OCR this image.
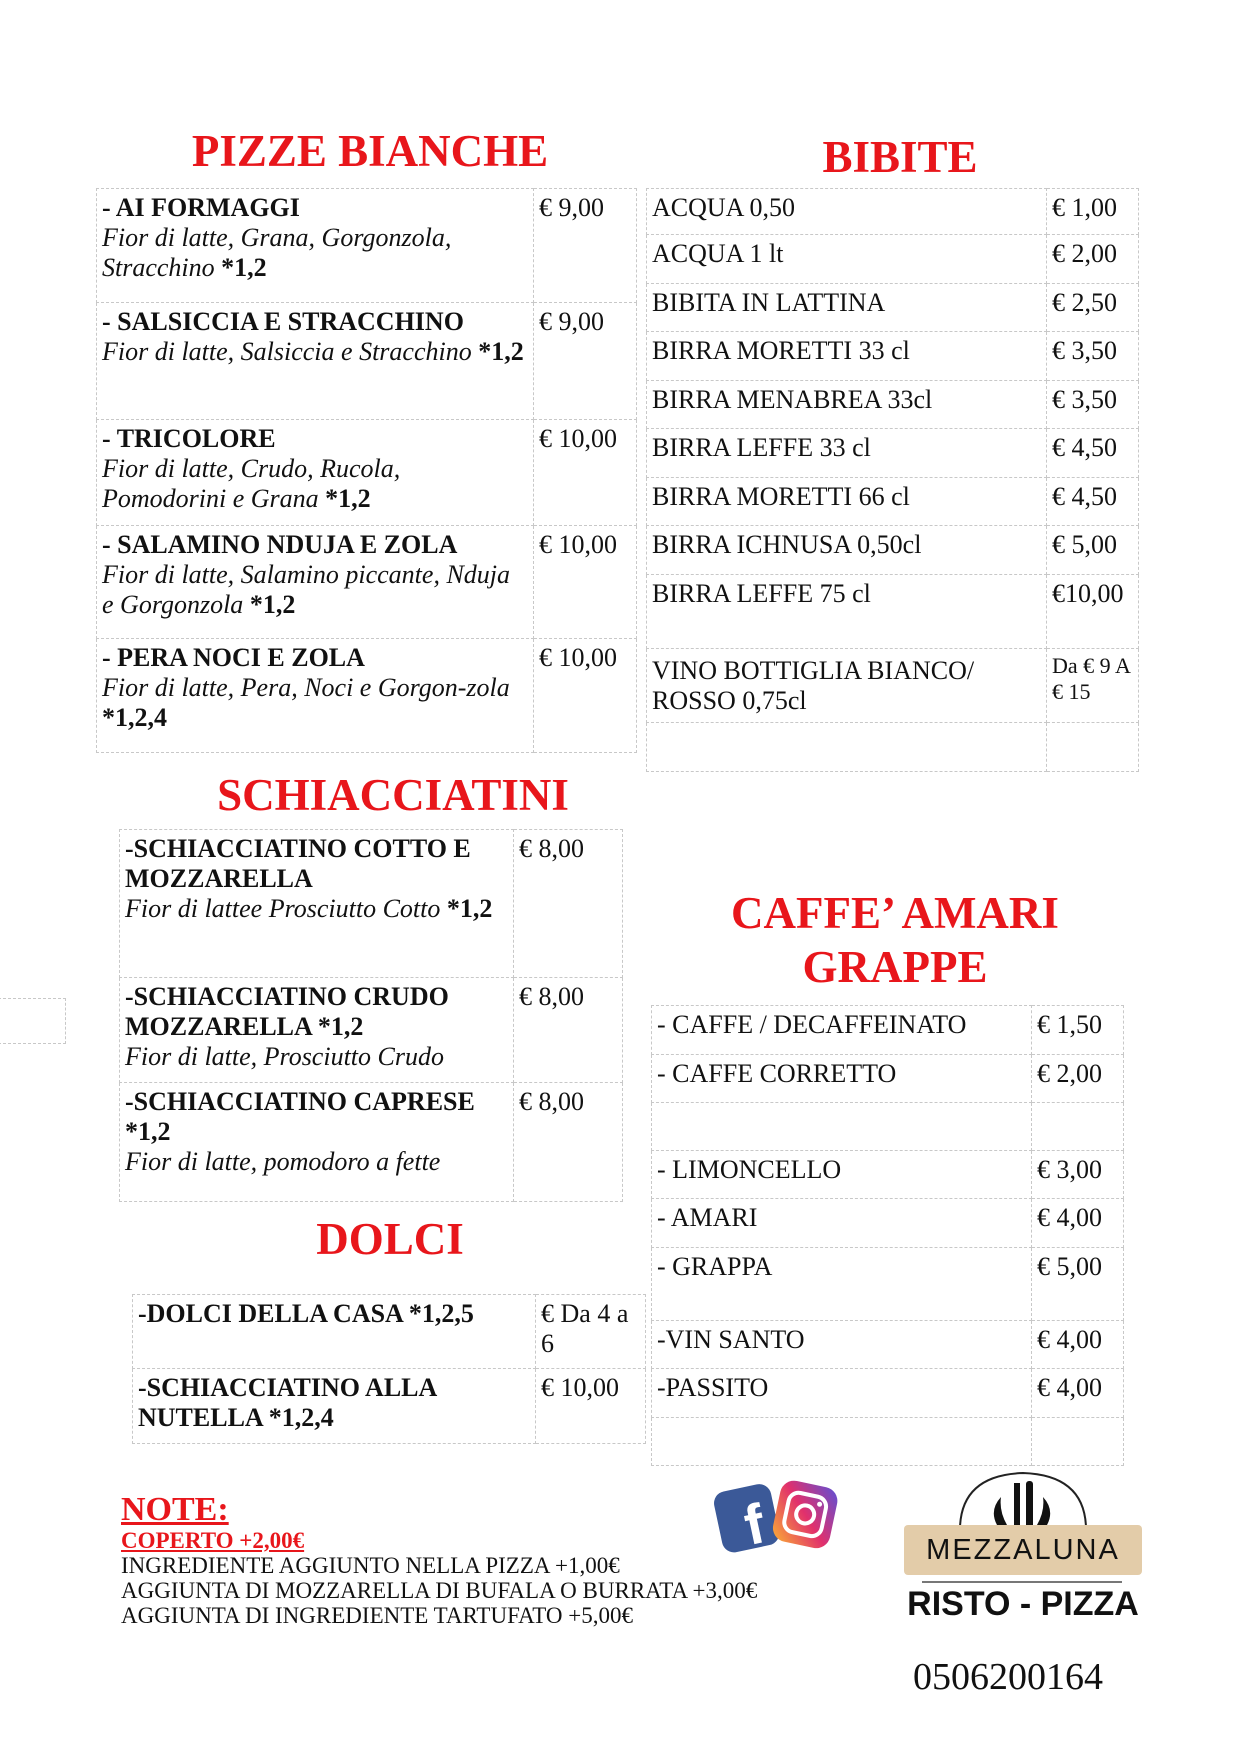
PIZZE BIANCHE
- AI FORMAGGI
Fior di latte, Grana, Gorgonzola, Stracchino *1,2	€ 9,00

- SALSICCIA E STRACCHINO
Fior di latte, Salsiccia e Stracchino *1,2	€ 9,00

- TRICOLORE
Fior di latte, Crudo, Rucola, Pomodorini e Grana *1,2	€ 10,00

- SALAMINO NDUJA E ZOLA
Fior di latte, Salamino piccante, Nduja e Gorgonzola *1,2	€ 10,00

- PERA NOCI E ZOLA
Fior di latte, Pera, Noci e Gorgon-zola *1,2,4	€ 10,00
BIBITE
ACQUA 0,50	€ 1,00
ACQUA 1 lt	€ 2,00
BIBITA IN LATTINA	€ 2,50
BIRRA MORETTI 33 cl	€ 3,50
BIRRA MENABREA 33cl	€ 3,50
BIRRA LEFFE 33 cl	€ 4,50
BIRRA MORETTI 66 cl	€ 4,50
BIRRA ICHNUSA 0,50cl	€ 5,00
BIRRA LEFFE 75 cl	€10,00
VINO BOTTIGLIA BIANCO/ ROSSO 0,75cl	Da € 9 A € 15

SCHIACCIATINI
-SCHIACCIATINO COTTO E MOZZARELLA
Fior di lattee Prosciutto Cotto *1,2	€ 8,00

-SCHIACCIATINO CRUDO MOZZARELLA *1,2
Fior di latte, Prosciutto Crudo	€ 8,00

-SCHIACCIATINO CAPRESE *1,2
Fior di latte, pomodoro a fette	€ 8,00
DOLCI
-DOLCI DELLA CASA *1,2,5	€ Da 4 a 6
-SCHIACCIATINO ALLA NUTELLA *1,2,4	€ 10,00
CAFFE’ AMARI
GRAPPE
- CAFFE / DECAFFEINATO	€ 1,50
- CAFFE CORRETTO	€ 2,00

- LIMONCELLO	€ 3,00
- AMARI	€ 4,00
- GRAPPA	€ 5,00
-VIN SANTO	€ 4,00
-PASSITO	€ 4,00

NOTE:
COPERTO +2,00€
INGREDIENTE AGGIUNTO NELLA PIZZA +1,00€
AGGIUNTA DI MOZZARELLA DI BUFALA O BURRATA +3,00€
AGGIUNTA DI INGREDIENTE TARTUFATO +5,00€
f	MEZZALUNA
RISTO - PIZZA
0506200164
